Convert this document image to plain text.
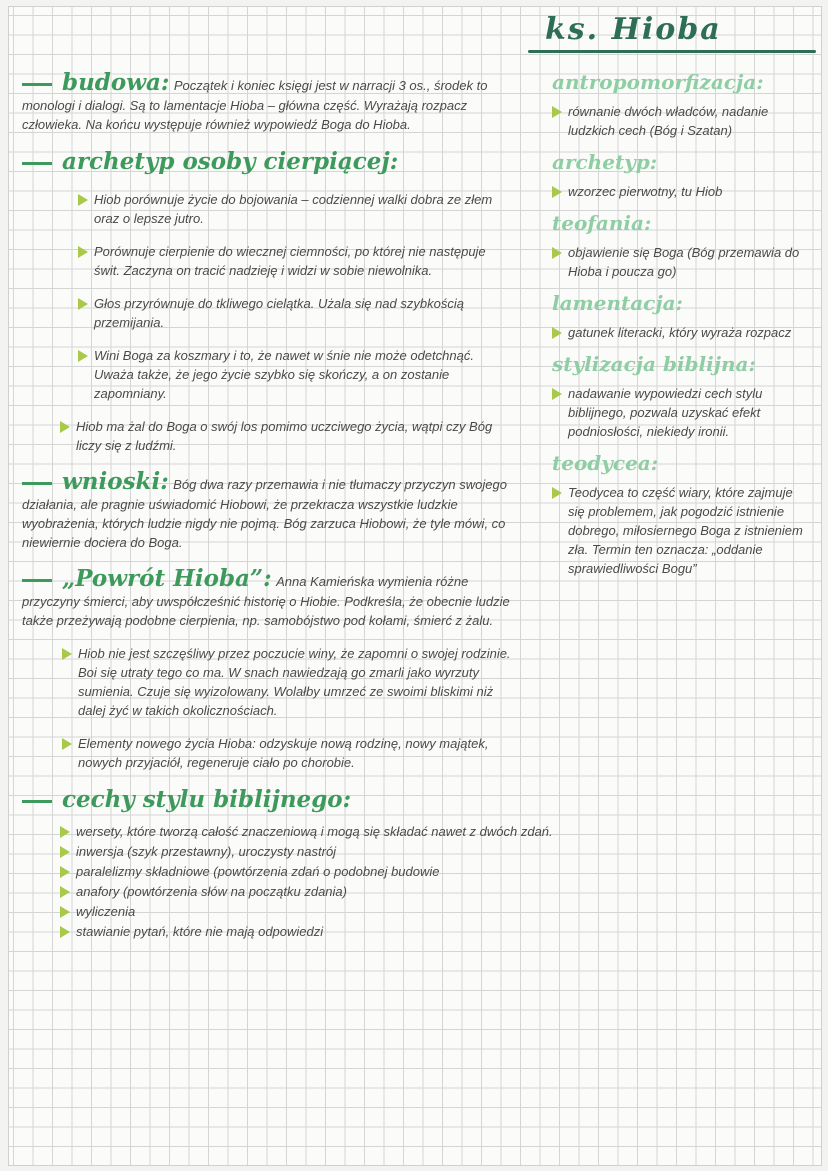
ks. Hioba
budowa: Początek i koniec księgi jest w narracji 3 os., środek to monologi i dialogi. Są to lamentacje Hioba – główna część. Wyrażają rozpacz człowieka. Na końcu występuje również wypowiedź Boga do Hioba.
archetyp osoby cierpiącej:
Hiob porównuje życie do bojowania – codziennej walki dobra ze złem oraz o lepsze jutro.
Porównuje cierpienie do wiecznej ciemności, po której nie następuje świt. Zaczyna on tracić nadzieję i widzi w sobie niewolnika.
Głos przyrównuje do tkliwego cielątka. Użala się nad szybkością przemijania.
Wini Boga za koszmary i to, że nawet w śnie nie może odetchnąć. Uważa także, że jego życie szybko się skończy, a on zostanie zapomniany.
Hiob ma żal do Boga o swój los pomimo uczciwego życia, wątpi czy Bóg liczy się z ludźmi.
wnioski: Bóg dwa razy przemawia i nie tłumaczy przyczyn swojego działania, ale pragnie uświadomić Hiobowi, że przekracza wszystkie ludzkie wyobrażenia, których ludzie nigdy nie pojmą. Bóg zarzuca Hiobowi, że tyle mówi, co niewiernie dociera do Boga.
„Powrót Hioba”: Anna Kamieńska wymienia różne przyczyny śmierci, aby uwspółcześnić historię o Hiobie. Podkreśla, że obecnie ludzie także przeżywają podobne cierpienia, np. samobójstwo pod kołami, śmierć z żalu.
Hiob nie jest szczęśliwy przez poczucie winy, że zapomni o swojej rodzinie. Boi się utraty tego co ma. W snach nawiedzają go zmarli jako wyrzuty sumienia. Czuje się wyizolowany. Wolałby umrzeć ze swoimi bliskimi niż dalej żyć w takich okolicznościach.
Elementy nowego życia Hioba: odzyskuje nową rodzinę, nowy majątek, nowych przyjaciół, regeneruje ciało po chorobie.
cechy stylu biblijnego:
wersety, które tworzą całość znaczeniową i mogą się składać nawet z dwóch zdań.
inwersja (szyk przestawny), uroczysty nastrój
paralelizmy składniowe (powtórzenia zdań o podobnej budowie
anafory (powtórzenia słów na początku zdania)
wyliczenia
stawianie pytań, które nie mają odpowiedzi
antropomorfizacja:
równanie dwóch władców, nadanie ludzkich cech (Bóg i Szatan)
archetyp:
wzorzec pierwotny, tu Hiob
teofania:
objawienie się Boga (Bóg przemawia do Hioba i poucza go)
lamentacja:
gatunek literacki, który wyraża rozpacz
stylizacja biblijna:
nadawanie wypowiedzi cech stylu biblijnego, pozwala uzyskać efekt podniosłości, niekiedy ironii.
teodycea:
Teodycea to część wiary, które zajmuje się problemem, jak pogodzić istnienie dobrego, miłosiernego Boga z istnieniem zła. Termin ten oznacza: „oddanie sprawiedliwości Bogu”
